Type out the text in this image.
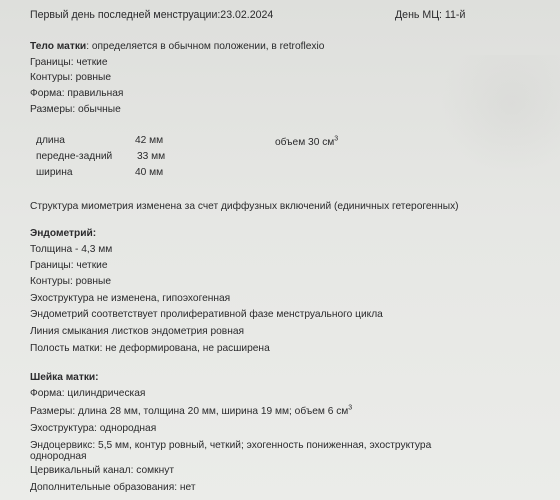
Первый день последней менструации:23.02.2024	День МЦ: 11-й
Тело матки: определяется в обычном положении, в retroflexio
Границы: четкие
Контуры: ровные
Форма: правильная
Размеры: обычные
длина	42 мм	объем 30 $см^3$
передне-задний 33 мм
ширина	40 мм
Структура миометрия изменена за счет диффузных включений (единичных гетерогенных)
Эндометрий:
Толщина - 4,3 мм
Границы: четкие
Контуры: ровные
Эхоструктура не изменена, гипоэхогенная
Эндометрий соответствует пролиферативной фазе менструального цикла
Линия смыкания листков эндометрия ровная
Полость матки: не деформирована, не расширена
Шейка матки:
Форма: цилиндрическая
Размеры: длина 28 мм, толщина 20 мм, ширина 19 мм; объем 6 $см^3$
Эхоструктура: однородная
Эндоцервикс: 5,5 мм, контур ровный, четкий; эхогенность пониженная, эхоструктура
однородная
Цервикальный канал: сомкнут
Дополнительные образования: нет
